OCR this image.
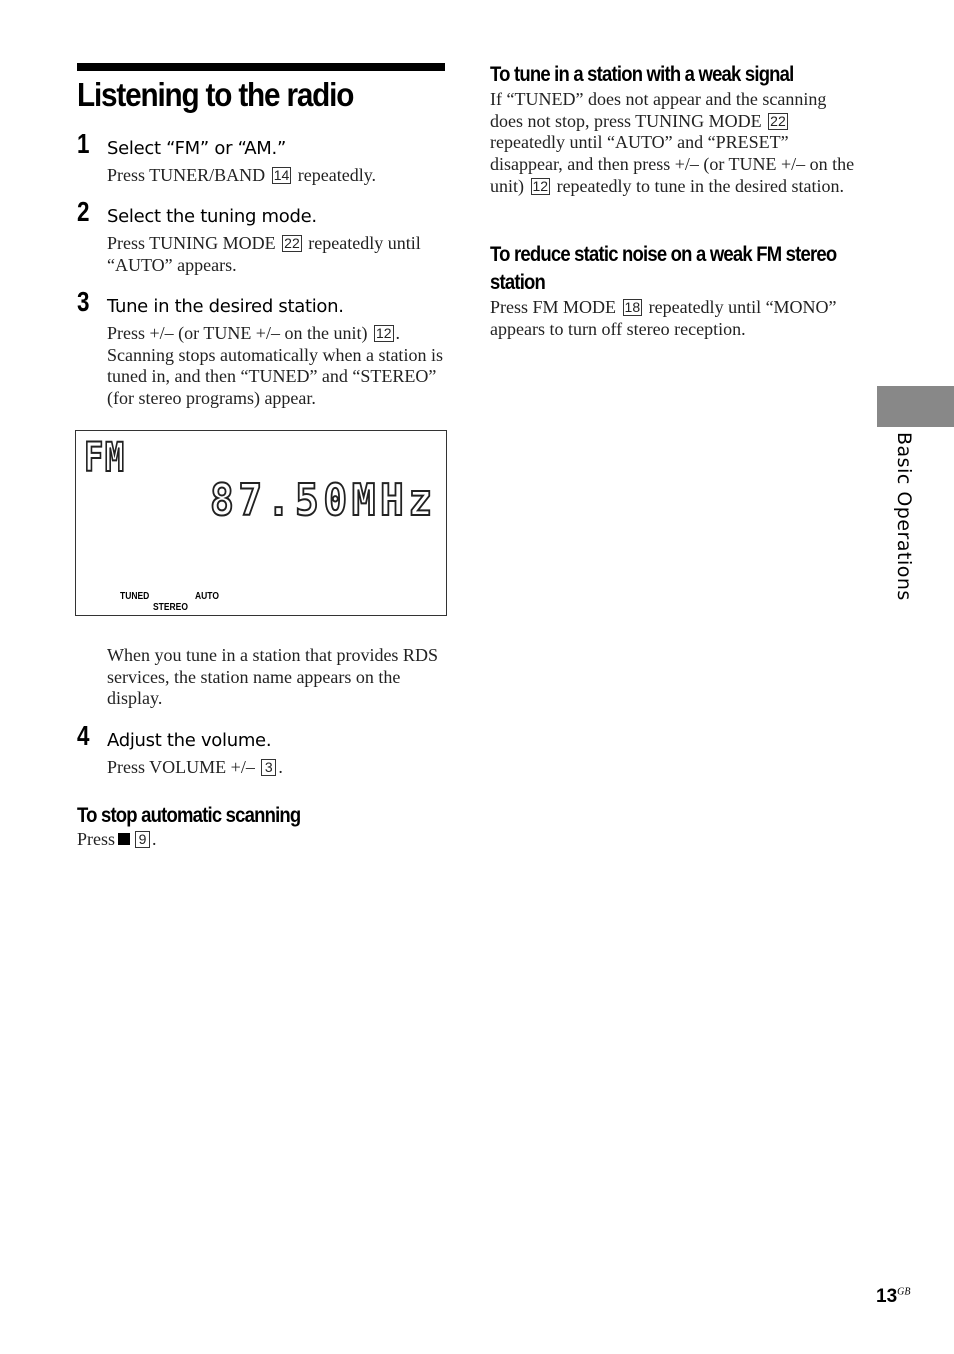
Listening to the radio
1 Select “FM” or “AM.”

Press TUNER/BAND 14 repeatedly.

2 Select the tuning mode.

Press TUNING MODE 22 repeatedly until “AUTO” appears.

3 Tune in the desired station.

Press +/– (or TUNE +/– on the unit) 12 . Scanning stops automatically when a station is tuned in, and then “TUNED” and “STEREO” (for stereo programs) appear.

FM
87.50MHz
TUNED
STEREO
AUTO

When you tune in a station that provides RDS services, the station name appears on the display.

4 Adjust the volume.

Press VOLUME +/– 3 .

To stop automatic scanning

Press 9 .

To tune in a station with a weak signal

If “TUNED” does not appear and the scanning does not stop, press TUNING MODE 22 repeatedly until “AUTO” and “PRESET” disappear, and then press +/– (or TUNE +/– on the unit) 12 repeatedly to tune in the desired station.

To reduce static noise on a weak FM stereo
station

Press FM MODE 18 repeatedly until “MONO” appears to turn off stereo reception.

Basic Operations
$13^{GB}$
